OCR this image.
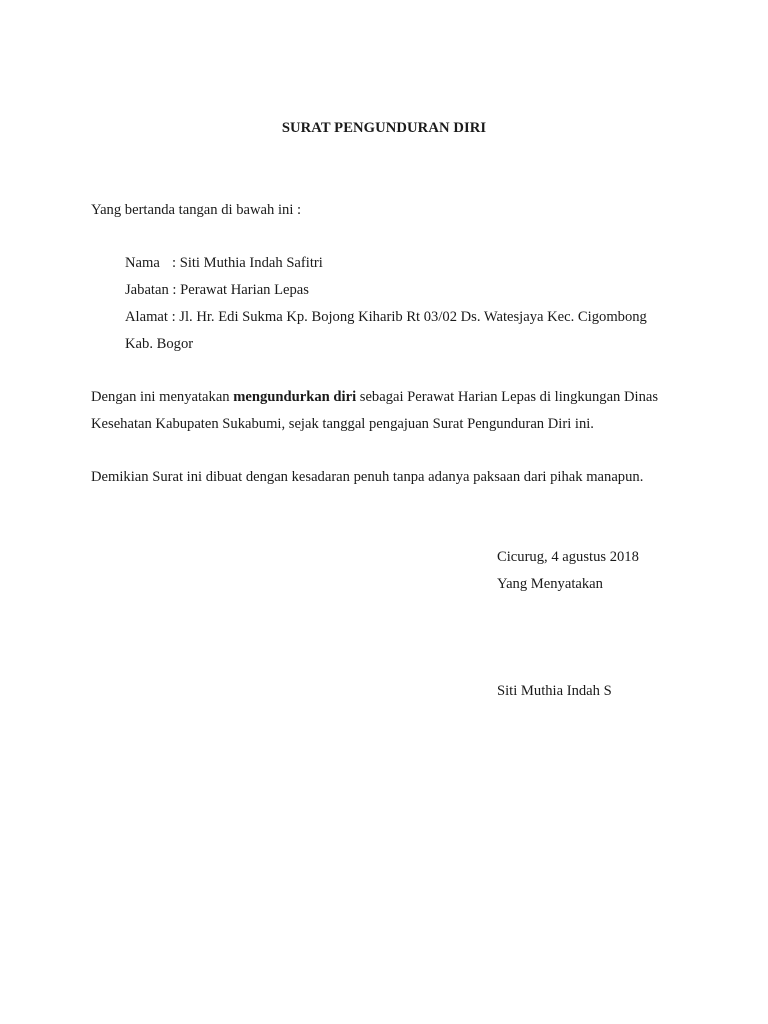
SURAT PENGUNDURAN DIRI
Yang bertanda tangan di bawah ini :
Nama : Siti Muthia Indah Safitri
Jabatan : Perawat Harian Lepas
Alamat : Jl. Hr. Edi Sukma Kp. Bojong Kiharib Rt 03/02 Ds. Watesjaya Kec. Cigombong
Kab. Bogor
Dengan ini menyatakan mengundurkan diri sebagai Perawat Harian Lepas di lingkungan Dinas
Kesehatan Kabupaten Sukabumi, sejak tanggal pengajuan Surat Pengunduran Diri ini.
Demikian Surat ini dibuat dengan kesadaran penuh tanpa adanya paksaan dari pihak manapun.
Cicurug, 4 agustus 2018
Yang Menyatakan
Siti Muthia Indah S
